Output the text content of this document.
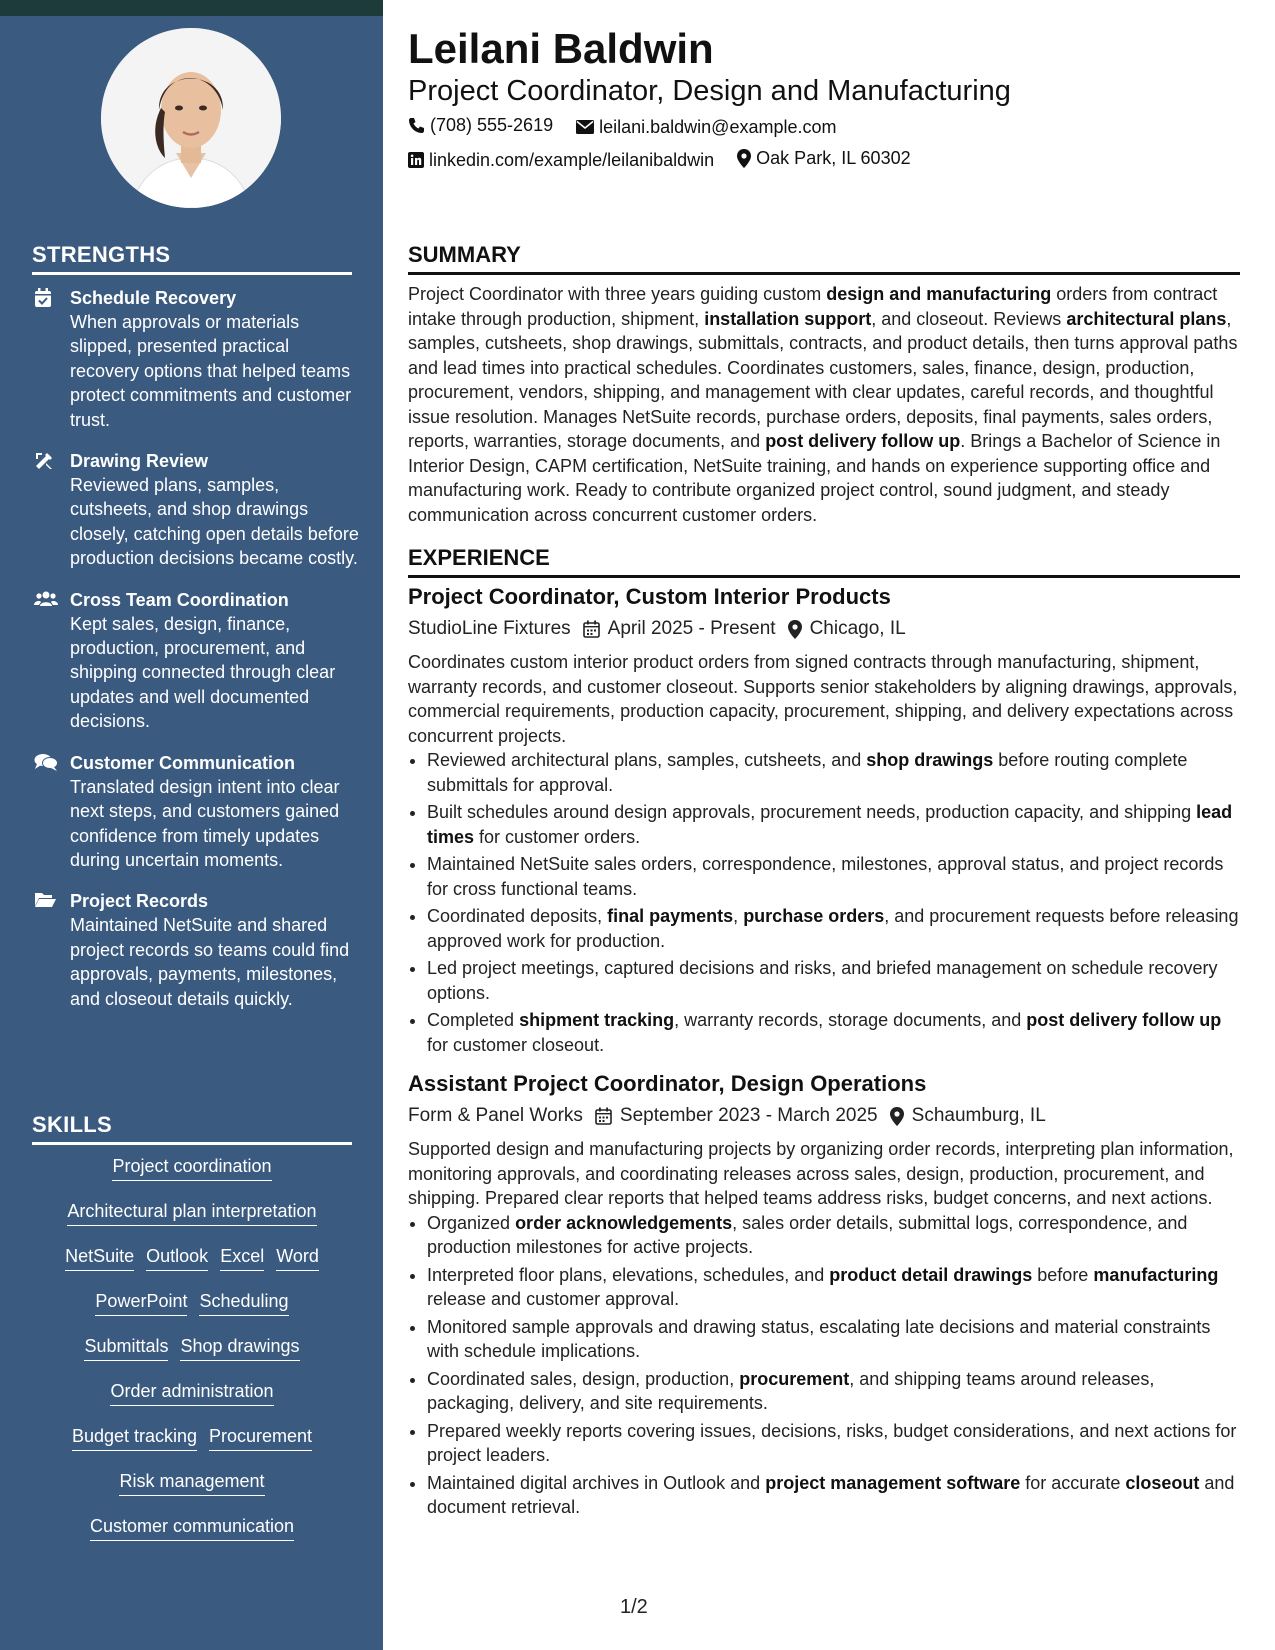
STRENGTHS
Schedule Recovery
When approvals or materials slipped, presented practical recovery options that helped teams protect commitments and customer trust.
Drawing Review
Reviewed plans, samples, cutsheets, and shop drawings closely, catching open details before production decisions became costly.
Cross Team Coordination
Kept sales, design, finance, production, procurement, and shipping connected through clear updates and well documented decisions.
Customer Communication
Translated design intent into clear next steps, and customers gained confidence from timely updates during uncertain moments.
Project Records
Maintained NetSuite and shared project records so teams could find approvals, payments, milestones, and closeout details quickly.
SKILLS
Project coordination
Architectural plan interpretation
NetSuite Outlook Excel Word
PowerPoint Scheduling
Submittals Shop drawings
Order administration
Budget tracking Procurement
Risk management
Customer communication
Leilani Baldwin
Project Coordinator, Design and Manufacturing
(708) 555-2619
	leilani.baldwin@example.com
linkedin.com/example/leilanibaldwin
Oak Park, IL 60302
SUMMARY
Project Coordinator with three years guiding custom design and manufacturing orders from contract intake through production, shipment, installation support, and closeout. Reviews architectural plans, samples, cutsheets, shop drawings, submittals, contracts, and product details, then turns approval paths and lead times into practical schedules. Coordinates customers, sales, finance, design, production, procurement, vendors, shipping, and management with clear updates, careful records, and thoughtful issue resolution. Manages NetSuite records, purchase orders, deposits, final payments, sales orders, reports, warranties, storage documents, and post delivery follow up. Brings a Bachelor of Science in Interior Design, CAPM certification, NetSuite training, and hands on experience supporting office and manufacturing work. Ready to contribute organized project control, sound judgment, and steady communication across concurrent customer orders.
EXPERIENCE
Project Coordinator, Custom Interior Products
StudioLine Fixtures April 2025 - Present Chicago, IL
Coordinates custom interior product orders from signed contracts through manufacturing, shipment, warranty records, and customer closeout. Supports senior stakeholders by aligning drawings, approvals, commercial requirements, production capacity, procurement, shipping, and delivery expectations across concurrent projects.
• Reviewed architectural plans, samples, cutsheets, and shop drawings before routing complete submittals for approval.
• Built schedules around design approvals, procurement needs, production capacity, and shipping lead times for customer orders.
• Maintained NetSuite sales orders, correspondence, milestones, approval status, and project records for cross functional teams.
• Coordinated deposits, final payments, purchase orders, and procurement requests before releasing approved work for production.
• Led project meetings, captured decisions and risks, and briefed management on schedule recovery options.
• Completed shipment tracking, warranty records, storage documents, and post delivery follow up for customer closeout.
Assistant Project Coordinator, Design Operations
Form & Panel Works September 2023 - March 2025 Schaumburg, IL
Supported design and manufacturing projects by organizing order records, interpreting plan information, monitoring approvals, and coordinating releases across sales, design, production, procurement, and shipping. Prepared clear reports that helped teams address risks, budget concerns, and next actions.
• Organized order acknowledgements, sales order details, submittal logs, correspondence, and production milestones for active projects.
• Interpreted floor plans, elevations, schedules, and product detail drawings before manufacturing release and customer approval.
• Monitored sample approvals and drawing status, escalating late decisions and material constraints with schedule implications.
• Coordinated sales, design, production, procurement, and shipping teams around releases, packaging, delivery, and site requirements.
• Prepared weekly reports covering issues, decisions, risks, budget considerations, and next actions for project leaders.
• Maintained digital archives in Outlook and project management software for accurate closeout and document retrieval.
1/2
